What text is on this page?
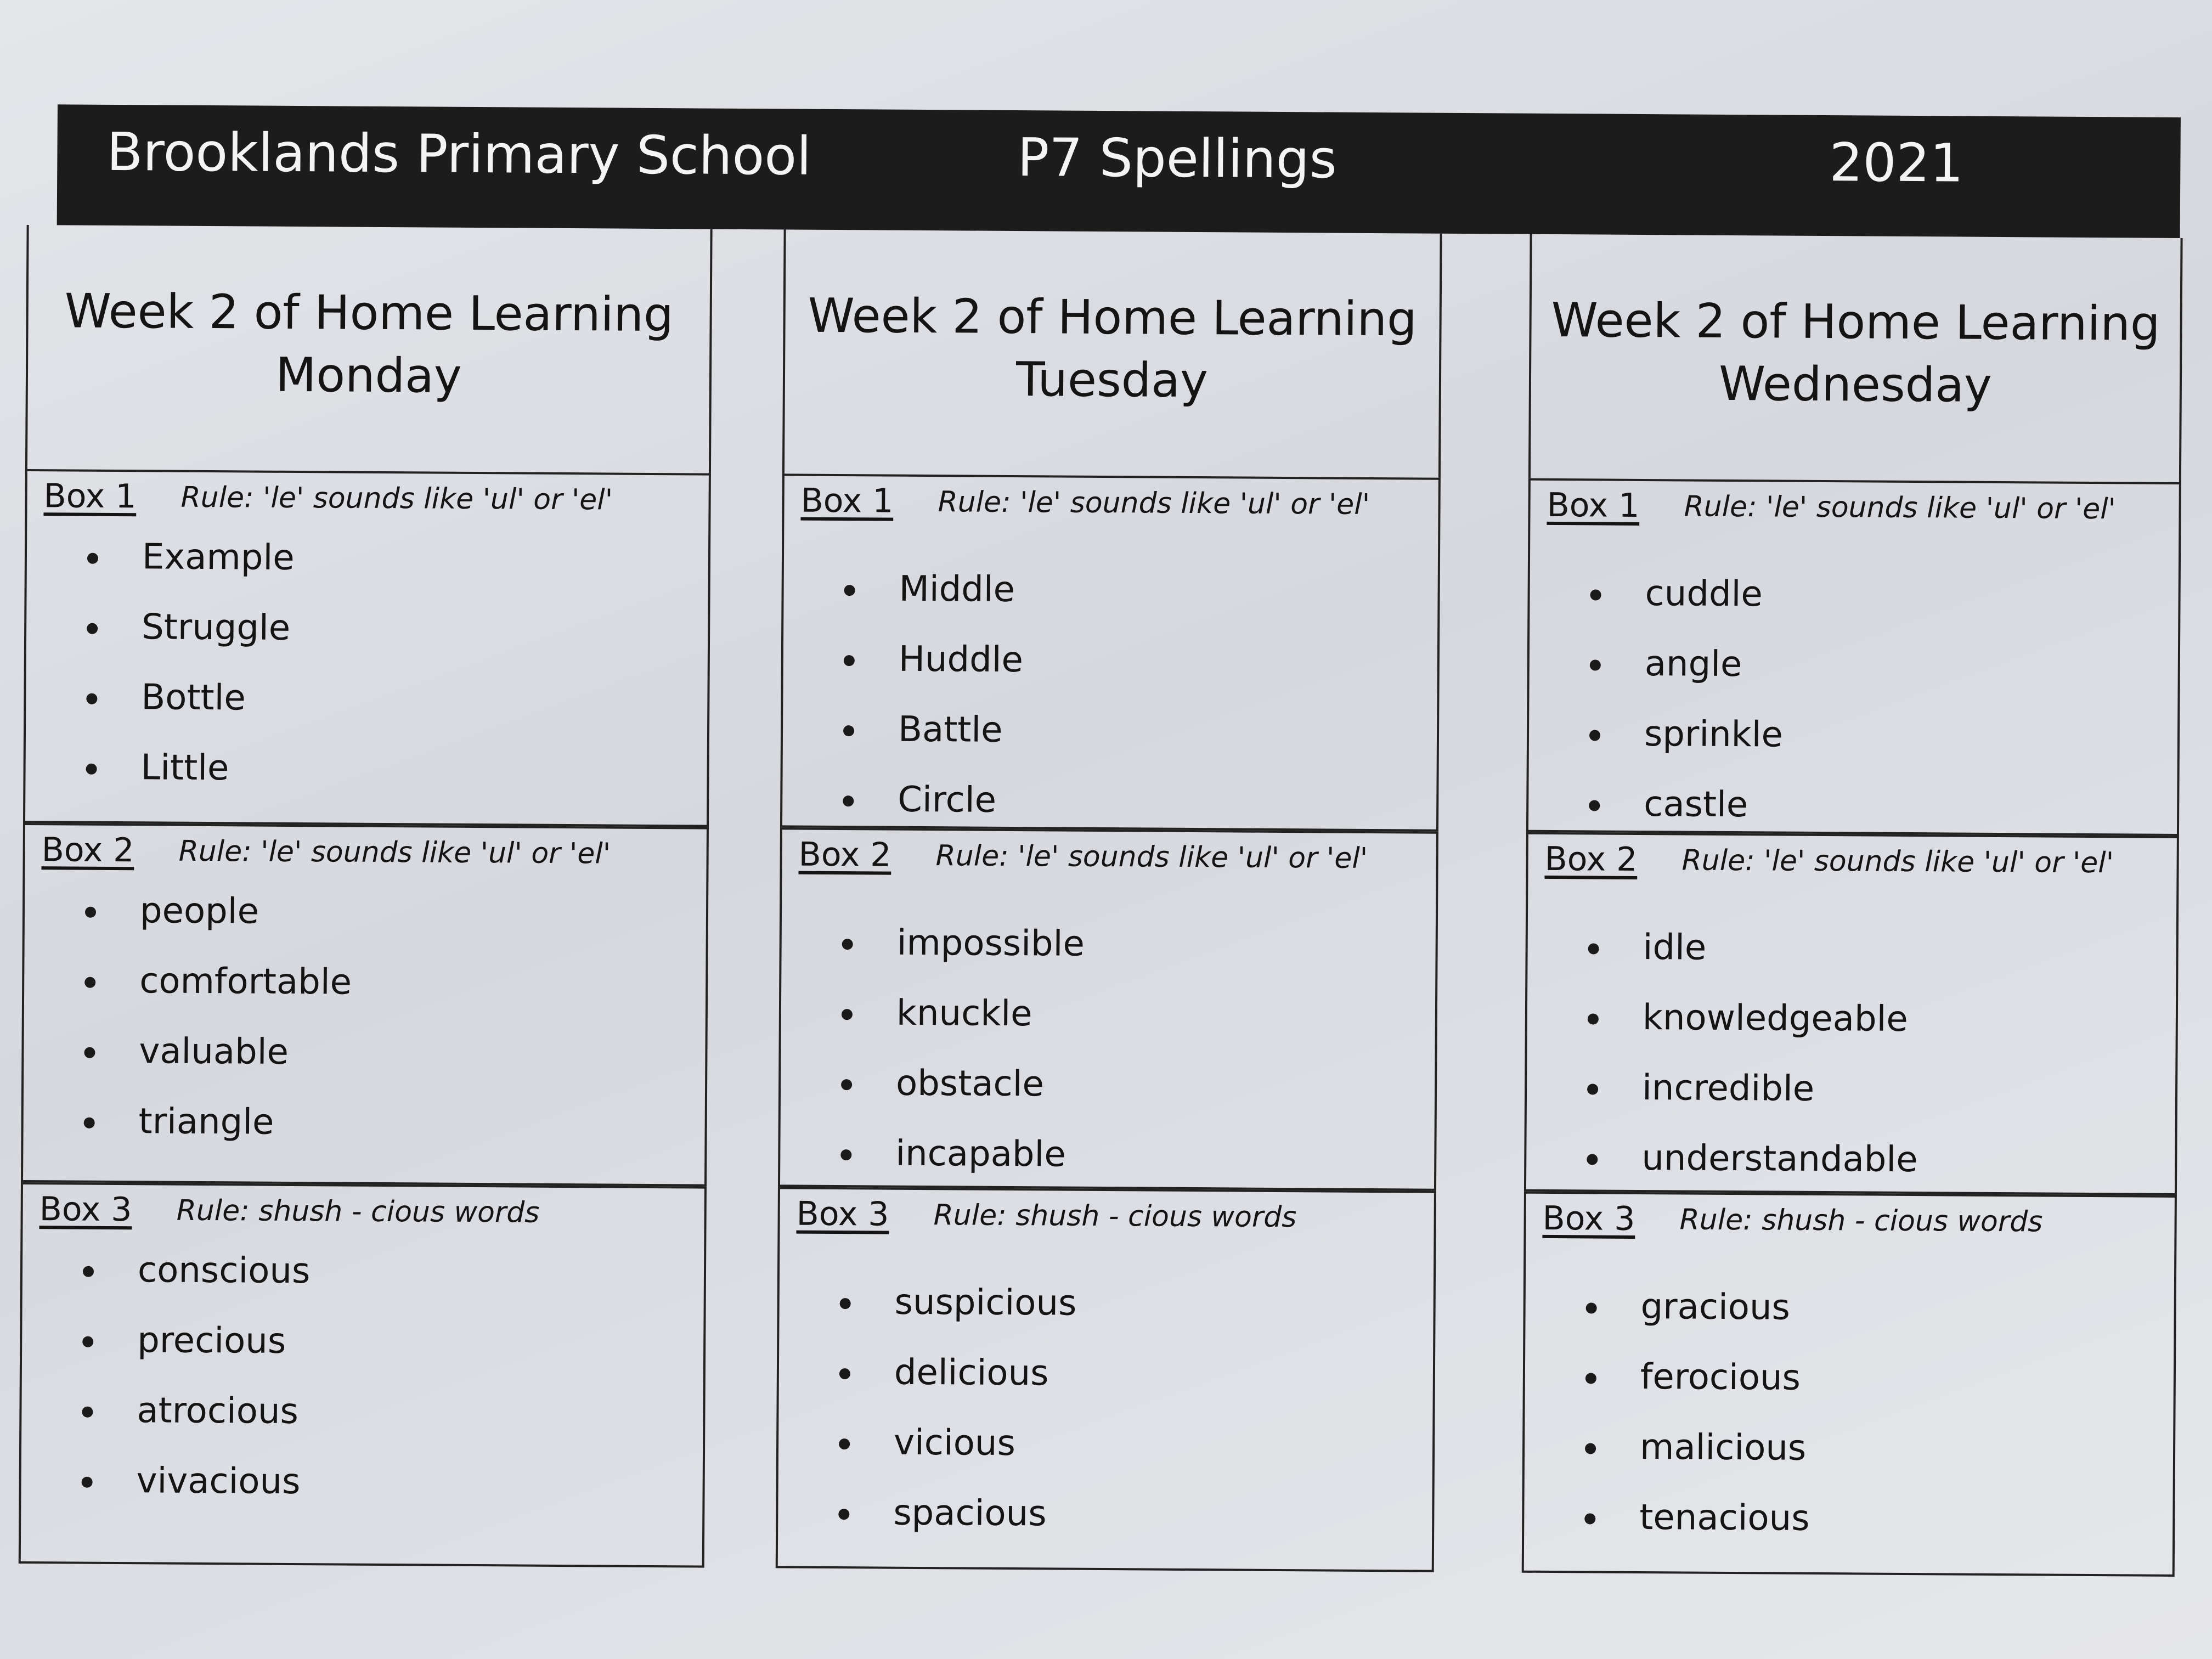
Brooklands Primary School	P7 Spellings	2021
Week 2 of Home Learning
Monday
Box 1 Rule: 'le' sounds like 'ul' or 'el'
Example
Struggle
Bottle
Little
Box 2 Rule: 'le' sounds like 'ul' or 'el'
people
comfortable
valuable
triangle
Box 3 Rule: shush - cious words
conscious
precious
atrocious
vivacious
Week 2 of Home Learning
Tuesday
Box 1 Rule: 'le' sounds like 'ul' or 'el'
Middle
Huddle
Battle
Circle
Box 2 Rule: 'le' sounds like 'ul' or 'el'
impossible
knuckle
obstacle
incapable
Box 3 Rule: shush - cious words
suspicious
delicious
vicious
spacious
Week 2 of Home Learning
Wednesday
Box 1 Rule: 'le' sounds like 'ul' or 'el'
cuddle
angle
sprinkle
castle
Box 2 Rule: 'le' sounds like 'ul' or 'el'
idle
knowledgeable
incredible
understandable
Box 3 Rule: shush - cious words
gracious
ferocious
malicious
tenacious
